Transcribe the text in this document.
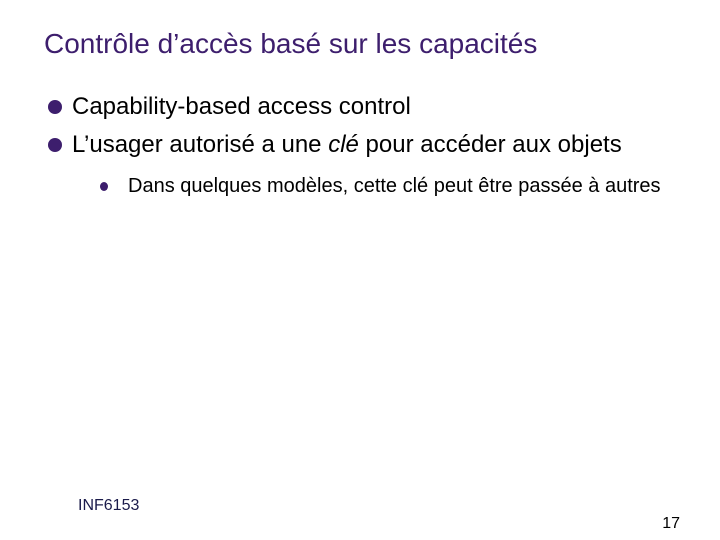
Contrôle d’accès basé sur les capacités
Capability-based access control
L’usager autorisé a une clé pour accéder aux objets
Dans quelques modèles, cette clé peut être passée à autres
INF6153
17
